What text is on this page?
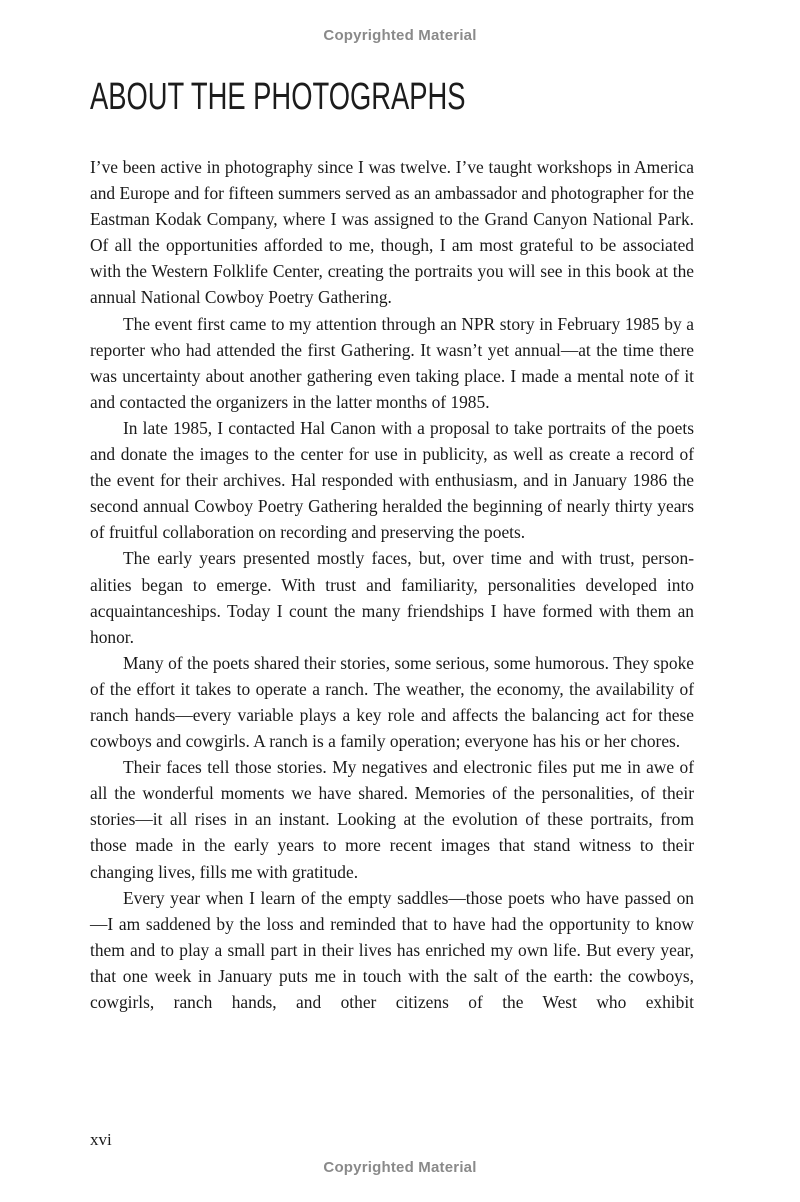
Copyrighted Material
ABOUT THE PHOTOGRAPHS

I’ve been active in photography since I was twelve. I’ve taught workshops in America and Europe and for fifteen summers served as an ambassador and photographer for the Eastman Kodak Company, where I was assigned to the Grand Canyon National Park. Of all the opportunities afforded to me, though, I am most grateful to be associated with the Western Folklife Center, creating the portraits you will see in this book at the annual National Cowboy Poetry Gathering.

The event first came to my attention through an NPR story in February 1985 by a reporter who had attended the first Gathering. It wasn’t yet annual—at the time there was uncertainty about another gathering even taking place. I made a mental note of it and contacted the organizers in the latter months of 1985.

In late 1985, I contacted Hal Canon with a proposal to take portraits of the poets and donate the images to the center for use in publicity, as well as create a record of the event for their archives. Hal responded with enthusiasm, and in January 1986 the second annual Cowboy Poetry Gathering heralded the beginning of nearly thirty years of fruitful collaboration on recording and preserving the poets.

The early years presented mostly faces, but, over time and with trust, personalities began to emerge. With trust and familiarity, personalities developed into acquaintanceships. Today I count the many friendships I have formed with them an honor.

Many of the poets shared their stories, some serious, some humorous. They spoke of the effort it takes to operate a ranch. The weather, the economy, the availability of ranch hands—every variable plays a key role and affects the balancing act for these cowboys and cowgirls. A ranch is a family operation; everyone has his or her chores.

Their faces tell those stories. My negatives and electronic files put me in awe of all the wonderful moments we have shared. Memories of the personalities, of their stories—it all rises in an instant. Looking at the evolution of these portraits, from those made in the early years to more recent images that stand witness to their changing lives, fills me with gratitude.

Every year when I learn of the empty saddles—those poets who have passed on—I am saddened by the loss and reminded that to have had the opportunity to know them and to play a small part in their lives has enriched my own life. But every year, that one week in January puts me in touch with the salt of the earth: the cowboys, cowgirls, ranch hands, and other citizens of the West who exhibit

xvi
Copyrighted Material
